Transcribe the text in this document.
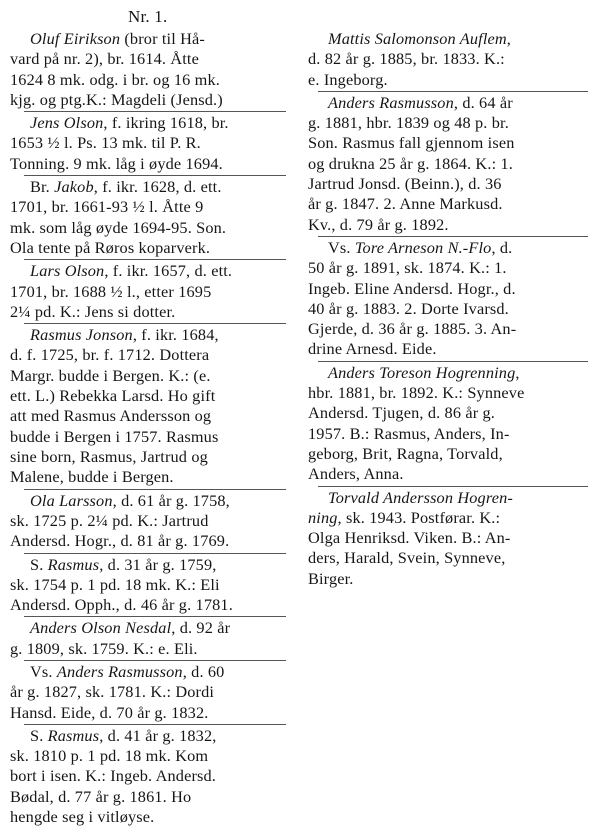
Nr. 1.
Oluf Eirikson (bror til Hå-
vard på nr. 2), br. 1614. Åtte
1624 8 mk. odg. i br. og 16 mk.
kjg. og ptg.K.: Magdeli (Jensd.)
Jens Olson, f. ikring 1618, br.
1653 ½ l. Ps. 13 mk. til P. R.
Tonning. 9 mk. låg i øyde 1694.
Br. Jakob, f. ikr. 1628, d. ett.
1701, br. 1661-93 ½ l. Åtte 9
mk. som låg øyde 1694-95. Son.
Ola tente på Røros koparverk.
Lars Olson, f. ikr. 1657, d. ett.
1701, br. 1688 ½ l., etter 1695
2¼ pd. K.: Jens si dotter.
Rasmus Jonson, f. ikr. 1684,
d. f. 1725, br. f. 1712. Dottera
Margr. budde i Bergen. K.: (e.
ett. L.) Rebekka Larsd. Ho gift
att med Rasmus Andersson og
budde i Bergen i 1757. Rasmus
sine born, Rasmus, Jartrud og
Malene, budde i Bergen.
Ola Larsson, d. 61 år g. 1758,
sk. 1725 p. 2¼ pd. K.: Jartrud
Andersd. Hogr., d. 81 år g. 1769.
S. Rasmus, d. 31 år g. 1759,
sk. 1754 p. 1 pd. 18 mk. K.: Eli
Andersd. Opph., d. 46 år g. 1781.
Anders Olson Nesdal, d. 92 år
g. 1809, sk. 1759. K.: e. Eli.
Vs. Anders Rasmusson, d. 60
år g. 1827, sk. 1781. K.: Dordi
Hansd. Eide, d. 70 år g. 1832.
S. Rasmus, d. 41 år g. 1832,
sk. 1810 p. 1 pd. 18 mk. Kom
bort i isen. K.: Ingeb. Andersd.
Bødal, d. 77 år g. 1861. Ho
hengde seg i vitløyse.
Mattis Salomonson Auflem,
d. 82 år g. 1885, br. 1833. K.:
e. Ingeborg.
Anders Rasmusson, d. 64 år
g. 1881, hbr. 1839 og 48 p. br.
Son. Rasmus fall gjennom isen
og drukna 25 år g. 1864. K.: 1.
Jartrud Jonsd. (Beinn.), d. 36
år g. 1847. 2. Anne Markusd.
Kv., d. 79 år g. 1892.
Vs. Tore Arneson N.-Flo, d.
50 år g. 1891, sk. 1874. K.: 1.
Ingeb. Eline Andersd. Hogr., d.
40 år g. 1883. 2. Dorte Ivarsd.
Gjerde, d. 36 år g. 1885. 3. An-
drine Arnesd. Eide.
Anders Toreson Hogrenning,
hbr. 1881, br. 1892. K.: Synneve
Andersd. Tjugen, d. 86 år g.
1957. B.: Rasmus, Anders, In-
geborg, Brit, Ragna, Torvald,
Anders, Anna.
Torvald Andersson Hogren-
ning, sk. 1943. Postførar. K.:
Olga Henriksd. Viken. B.: An-
ders, Harald, Svein, Synneve,
Birger.
